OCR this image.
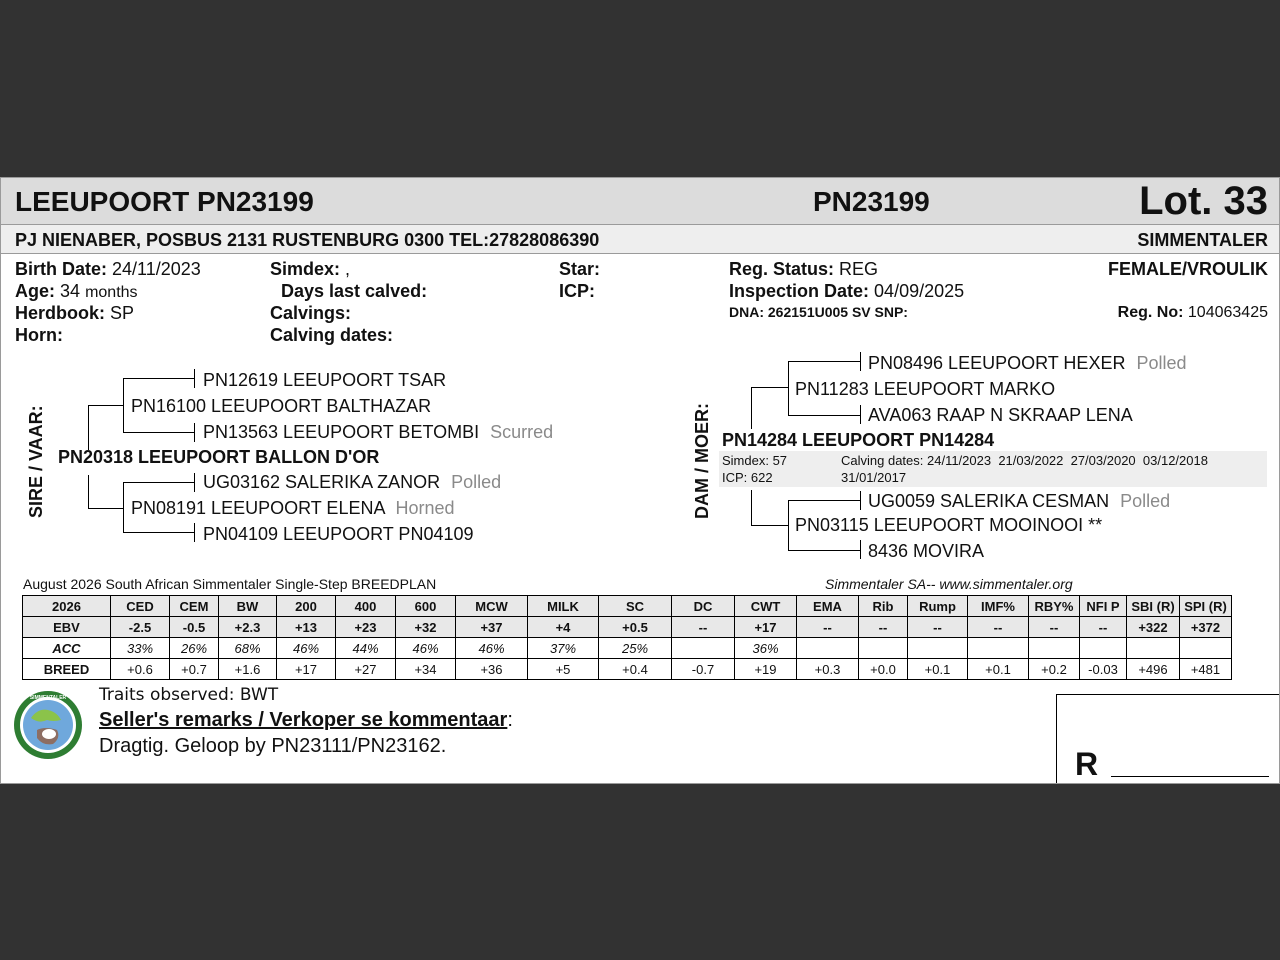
LEEUPOORT PN23199	PN23199	Lot. 33
PJ NIENABER, POSBUS 2131 RUSTENBURG 0300 TEL:27828086390	SIMMENTALER
Birth Date: 24/11/2023
Age: 34 months
Herdbook: SP
Horn:
Simdex: ,
Days last calved:
Calvings:
Calving dates:
Star:
ICP:
Reg. Status: REG
Inspection Date: 04/09/2025
DNA: 262151U005 SV SNP:
FEMALE/VROULIK
Reg. No: 104063425
SIRE / VAAR:
PN12619 LEEUPOORT TSAR
PN16100 LEEUPOORT BALTHAZAR
PN13563 LEEUPOORT BETOMBI Scurred
PN20318 LEEUPOORT BALLON D'OR
UG03162 SALERIKA ZANOR Polled
PN08191 LEEUPOORT ELENA Horned
PN04109 LEEUPOORT PN04109
DAM / MOER:
PN08496 LEEUPOORT HEXER Polled
PN11283 LEEUPOORT MARKO
AVA063 RAAP N SKRAAP LENA
PN14284 LEEUPOORT PN14284
Simdex: 57
ICP: 622
Calving dates: 24/11/2023  21/03/2022  27/03/2020  03/12/2018
31/01/2017
UG0059 SALERIKA CESMAN Polled
PN03115 LEEUPOORT MOOINOOI **
8436 MOVIRA
August 2026 South African Simmentaler Single-Step BREEDPLAN	Simmentaler SA-- www.simmentaler.org
2026	CED	CEM	BW	200	400	600	MCW	MILK	SC	DC	CWT	EMA	Rib	Rump	IMF%	RBY%	NFI P	SBI (R)	SPI (R)
EBV	-2.5	-0.5	+2.3	+13	+23	+32	+37	+4	+0.5	--	+17	--	--	--	--	--	--	+322	+372
ACC	33%	26%	68%	46%	44%	46%	46%	37%	25%		36%								
BREED	+0.6	+0.7	+1.6	+17	+27	+34	+36	+5	+0.4	-0.7	+19	+0.3	+0.0	+0.1	+0.1	+0.2	-0.03	+496	+481
SIMMENTALER Traits observed: BWT
Seller's remarks / Verkoper se kommentaar:
Dragtig. Geloop by PN23111/PN23162.	R
